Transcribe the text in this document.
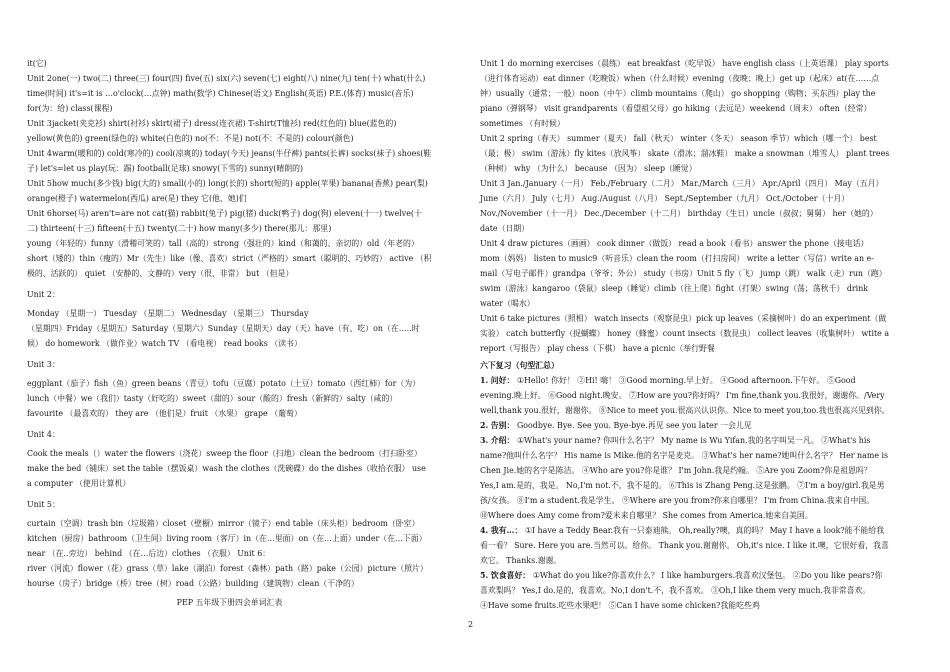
it(它)

Unit 2one(一) two(二) three(三) four(四) five(五) six(六) seven(七) eight(八) nine(九) ten(十) what(什么) time(时间) it's=it is …o'clock(…点钟) math(数学) Chinese(语文) English(英语) P.E.(体育) music(音乐) for(为：给) class(课程)

Unit 3jacket(夹克衫) shirt(衬衫) skirt(裙子) dress(连衣裙) T-shirt(T恤衫) red(红色的) blue(蓝色的) yellow(黄色的) green(绿色的) white(白色的) no(不：不是) not(不：不是的) colour(颜色)

Unit 4warm(暖和的) cold(寒冷的) cool(凉爽的) today(今天) jeans(牛仔裤) pants(长裤) socks(袜子) shoes(鞋子) let's=let us play(玩：踢) football(足球) snowy(下雪的) sunny(晴朗的)

Unit 5how much(多少钱) big(大的) small(小的) long(长的) short(短的) apple(苹果) banana(香蕉) pear(梨) orange(橙子) watermelon(西瓜) are(是) they 它(他、她)们

Unit 6horse(马) aren't=are not cat(猫) rabbit(兔子) pig(猪) duck(鸭子) dog(狗) eleven(十一) twelve(十二) thirteen(十三) fifteen(十五) twenty(二十) how many(多少) there(那儿：那里)

young（年轻的）funny（滑稽可笑的）tall（高的）strong（强壮的）kind（和蔼的、亲切的）old（年老的）short（矮的）thin（瘦的）Mr（先生）like（像、喜欢）strict（严格的）smart（聪明的、巧妙的） active （积极的、活跃的） quiet （安静的、文静的）very（很、非常） but （但是）

Unit 2：

Monday （星期一） Tuesday （星期二） Wednesday （星期三） Thursday

（星期四）Friday（星期五）Saturday（星期六）Sunday（星期天）day（天）have（有、吃）on（在…..时候） do homework （做作业）watch TV （看电视） read books （读书）

Unit 3：

eggplant（茄子）fish（鱼）green beans（青豆）tofu（豆腐）potato（土豆）tomato（西红柿）for（为）lunch（中餐）we（我们）tasty（好吃的）sweet（甜的）sour（酸的）fresh（新鲜的）salty（咸的） favourite （最喜欢的） they are （他们是）fruit （水果） grape （葡萄）

Unit 4：

Cook the meals（）water the flowers（浇花）sweep the floor（扫地）clean the bedroom（打扫卧室）make the bed（铺床）set the table（摆饭桌）wash the clothes（洗碗碟）do the dishes（收拾衣服） use a computer （使用计算机）

Unit 5：

curtain（空调）trash bin（垃圾箱）closet（壁橱）mirror（镜子）end table（床头柜）bedroom（卧室）kitchen（厨房）bathroom（卫生间）living room（客厅）in（在…里面）on（在…上面）under（在…下面） near （在..旁边） behind （在…后边）clothes （衣服） Unit 6：

river（河流）flower（花）grass（草）lake（湖泊）forest（森林）path（路）pake（公园）picture（照片）hourse（房子）bridge（桥）tree（树）road（公路）building（建筑物）clean（干净的）

PEP 五年级下册四会单词汇表

Unit 1 do morning exercises（晨练） eat breakfast（吃早饭） have english class（上英语课） play sports（进行体育运动）eat dinner（吃晚饭）when（什么时候）evening（夜晚；晚上）get up（起床）at(在……点钟）usually（通常；一般）noon（中午）climb mountains（爬山） go shopping（购物；买东西）play the piano（弹钢琴） visit grandparents（看望祖父母）go hiking（去远足）weekend（周末） often（经常） sometimes （有时候）

Unit 2 spring（春天） summer（夏天） fall（秋天） winter（冬天） season 季节）which（哪一个） best（最；极） swim（游泳）fly kites（放风筝） skate（滑冰；溜冰鞋） make a snowman（堆雪人） plant trees（种树） why （为什么） because （因为） sleep（睡觉）

Unit 3 Jan./January（一月） Feb./February（二月） Mar./March（三月） Apr./April（四月） May（五月） June（六月） July（七月） Aug./August（八月） Sept./September（九月） Oct./October（十月）Nov./November（十一月） Dec./December（十二月） birthday（生日）uncle（叔叔；舅舅） her（她的） date（日期）

Unit 4 draw pictures（画画） cook dinner（做饭） read a book（看书）answer the phone（接电话） mom（妈妈） listen to music9（听音乐）clean the room（打扫房间） write a letter（写信）write an e-mail（写电子邮件）grandpa（爷爷；外公） study（书房）Unit 5 fly（飞） jump（跳） walk（走）run（跑）swim（游泳）kangaroo（袋鼠）sleep（睡觉）climb（往上爬）fight（打架）swing（荡；荡秋千） drink water（喝水）

Unit 6 take pictures（照相） watch insects（观察昆虫）pick up leaves（采摘树叶）do an experiment（做实验） catch butterfly（捉蝴蝶） honey（蜂蜜）count insects（数昆虫） collect leaves（收集树叶） wtite a report（写报告） play chess（下棋） have a picnic（举行野餐

六下复习（句型汇总）

1. 问好： ①Hello! 你好！ ②Hi! 嗨！ ③Good morning.早上好。 ④Good afternoon.下午好。 ⑤Good evening.晚上好。 ⑥Good night.晚安。 ⑦How are you?你好吗？ I'm fine,thank you.我很好，谢谢你。/Very well,thank you.很好，谢谢你。 ⑧Nice to meet you.很高兴认识你。Nice to meet you,too.我也很高兴见到你。

2. 告别： Goodbye. Bye. See you. Bye-bye.再见 see you later 一会儿见

3. 介绍： ①What's your name? 你叫什么名字？ My name is Wu Yifan.我的名字叫吴一凡。 ②What's his name?他叫什么名字？ His name is Mike.他的名字是麦克。 ③What's her name?她叫什么名字？ Her name is Chen Jie.她的名字是陈洁。 ④Who are you?你是谁？ I'm John.我是约翰。 ⑤Are you Zoom?你是祖恩吗？ Yes,I am.是的，我是。 No,I'm not.不，我不是的。 ⑥This is Zhang Peng.这是张鹏。 ⑦I'm a boy/girl.我是男孩/女孩。 ⑧I'm a student.我是学生。 ⑨Where are you from?你来自哪里？ I'm from China.我来自中国。 ⑩Where does Amy come from?爱米来自哪里？ She comes from America.她来自美国。

4. 我有…： ①I have a Teddy Bear.我有一只泰迪熊。 Oh,really?噢，真的吗？ May I have a look?能不能给我看一看？ Sure. Here you are.当然可以。给你。 Thank you.谢谢你。 Oh,it's nice. I like it.噢，它很好看，我喜欢它。 Thanks.谢谢。

5. 饮食喜好： ①What do you like?你喜欢什么？ I like hamburgers.我喜欢汉堡包。 ②Do you like pears?你喜欢梨吗？ Yes,I do.是的，我喜欢。No,I don't.不，我不喜欢。 ③Oh,I like them very much.我非常喜欢。 ④Have some fruits.吃些水果吧！ ⑤Can I have some chicken?我能吃些鸡

2
